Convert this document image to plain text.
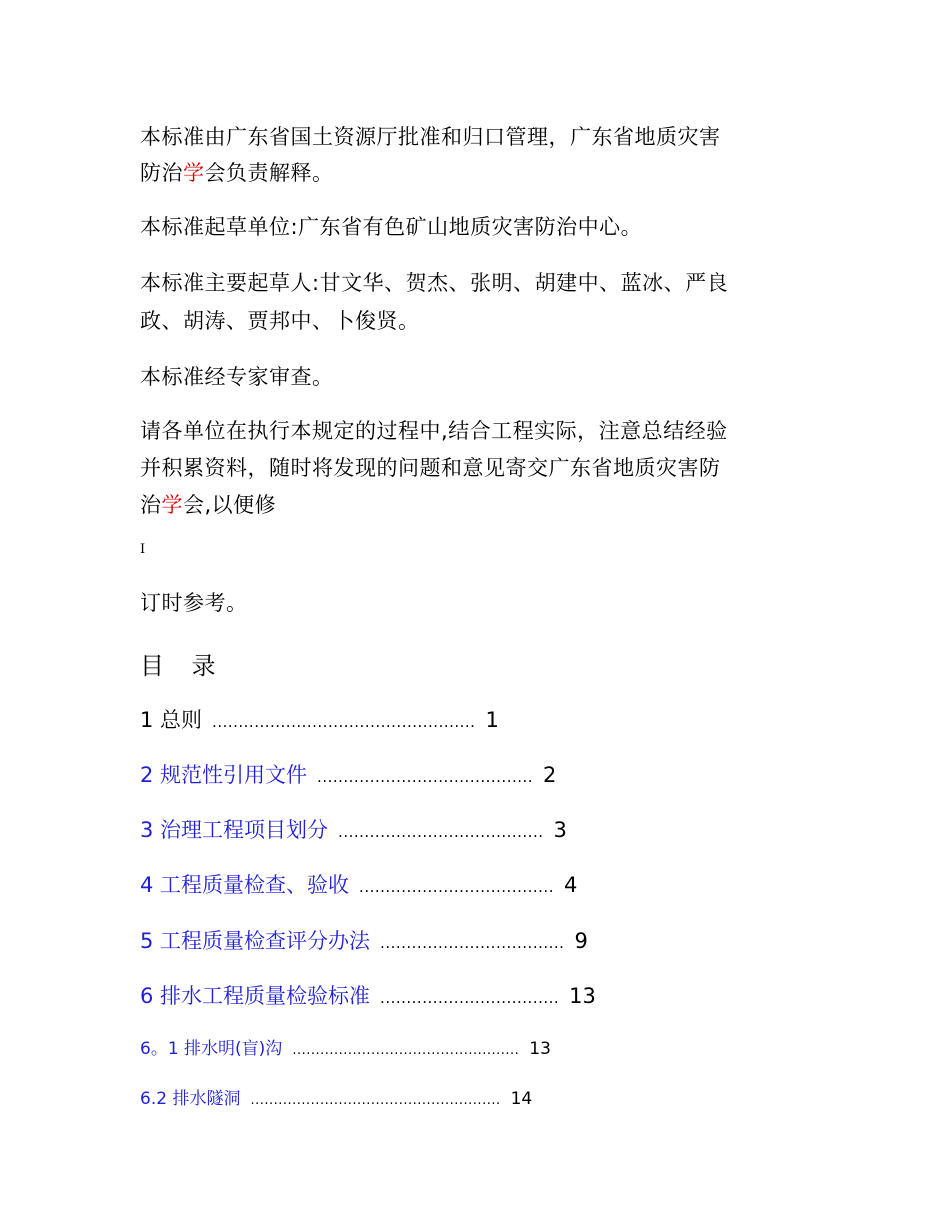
本标准由广东省国土资源厅批准和归口管理，广东省地质灾害
防治学会负责解释。
本标准起草单位:广东省有色矿山地质灾害防治中心。
本标准主要起草人:甘文华、贺杰、张明、胡建中、蓝冰、严良
政、胡涛、贾邦中、卜俊贤。
本标准经专家审查。
请各单位在执行本规定的过程中,结合工程实际，注意总结经验
并积累资料，随时将发现的问题和意见寄交广东省地质灾害防
治学会,以便修
I
订时参考。
目 录
1 总则 .................................................. 1
2 规范性引用文件 ......................................... 2
3 治理工程项目划分 ....................................... 3
4 工程质量检查、验收 ..................................... 4
5 工程质量检查评分办法 ................................... 9
6 排水工程质量检验标准 .................................. 13
6。1 排水明(盲)沟 ................................................. 13
6.2 排水隧洞 ...................................................... 14
